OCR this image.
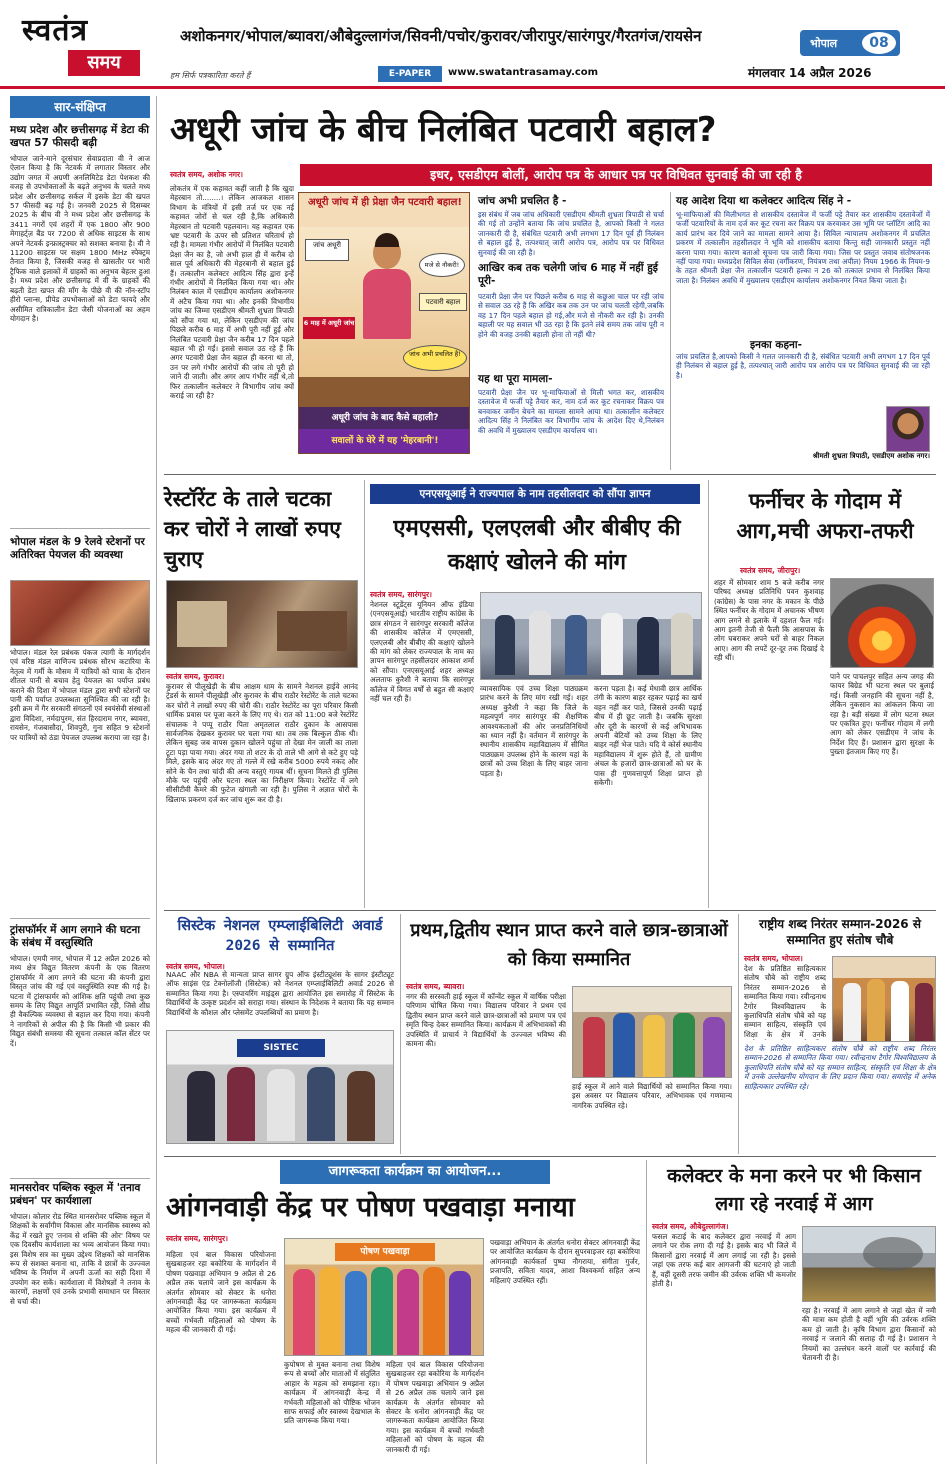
स्वतंत्र
समय
हम सिर्फ पत्रकारिता करते हैं
अशोकनगर/भोपाल/ब्यावरा/औबेदुल्लागंज/सिवनी/पचोर/कुरावर/जीरापुर/सारंगपुर/गैरतगंज/रायसेन	भोपाल	08
E-PAPER	www.swatantrasamay.com	मंगलवार 14 अप्रैल 2026
सार-संक्षिप्त
मध्य प्रदेश और छत्तीसगढ़ में डेटा की खपत 57 फीसदी बढ़ी
भोपाल जाने-माने दूरसंचार सेवाप्रदाता वी ने आज ऐलान किया है कि नेटवर्क में लगातार विस्तार और उद्योग जगत में अग्रणी अनलिमिटेड डेटा पेशकश की वजह से उपभोक्ताओं के बढ़ते अनुभव के चलते मध्य प्रदेश और छत्तीसगढ़ सर्कल में इसके डेटा की खपत 57 फीसदी बढ़ गई है। जनवरी 2025 से दिसम्बर 2025 के बीच वी ने मध्य प्रदेश और छत्तीसगढ़ के 3411 नगरों एवं शहरों में एक 1800 और 900 मेगाहर्ट्ज़ बैंड पर 7200 से अधिक साइटस के साथ अपने नेटवर्क इन्फ्रास्ट्रक्चर को सशक्त बनाया है। वी ने 11200 साइटस पर सक्षम 1800 MHz स्पेक्ट्रम तैनात किया है, जिसकी वजह से खासतौर पर भारी ट्रैफिक वाले इलाकों में ग्राहकों का अनुभव बेहतर हुआ है। मध्य प्रदेश और छत्तीसगढ़ में वी के ग्राहकों की बढ़ती डेटा खपत की माँग के पीछे वी की नॉन-स्टॉप हीरो प्लान्स, प्रीपेड उपभोक्ताओं को डेटा फायदे और असीमित रात्रिकालीन डेटा जैसी योजनाओं का अहम योगदान है।
भोपाल मंडल के 9 रेलवे स्टेशनों पर अतिरिक्त पेयजल की व्यवस्था
भोपाल। मंडल रेल प्रबंधक पंकज त्यागी के मार्गदर्शन एवं वरिष्ठ मंडल वाणिज्य प्रबंधक सौरभ कटारिया के नेतृत्व में गर्मी के मौसम में यात्रियों को यात्रा के दौरान शीतल पानी से बचाव हेतु पेयजल का पर्याप्त प्रबंध कराने की दिशा में भोपाल मंडल द्वारा सभी स्टेशनों पर पानी की पर्याप्त उपलब्धता सुनिश्चित की जा रही है। इसी क्रम में गैर सरकारी संगठनों एवं स्वयंसेवी संस्थाओं द्वारा विदिशा, नर्मदापुरम, संत हिरदाराम नगर, ब्यावरा, रायसेन, गंजबासौदा, शिवपुरी, गुना सहित 9 स्टेशनों पर यात्रियों को ठंडा पेयजल उपलब्ध कराया जा रहा है।
ट्रांसफॉर्मर में आग लगाने की घटना के संबंध में वस्तुस्थिति
भोपाल। एमपी नगर, भोपाल में 12 अप्रैल 2026 को मध्य क्षेत्र विद्युत वितरण कंपनी के एक वितरण ट्रांसफॉर्मर में आग लगने की घटना की कंपनी द्वारा विस्तृत जांच की गई एवं वस्तुस्थिति स्पष्ट की गई है। घटना में ट्रांसफार्मर को आंशिक क्षति पहुंची तथा कुछ समय के लिए विद्युत आपूर्ति प्रभावित रही, जिसे शीघ्र ही वैकल्पिक व्यवस्था से बहाल कर दिया गया। कंपनी ने नागरिकों से अपील की है कि किसी भी प्रकार की विद्युत संबंधी समस्या की सूचना तत्काल कॉल सेंटर पर दें।
मानसरोवर पब्लिक स्कूल में 'तनाव प्रबंधन' पर कार्यशाला
भोपाल। कोलार रोड स्थित मानसरोवर पब्लिक स्कूल में शिक्षकों के सर्वांगीण विकास और मानसिक स्वास्थ्य को केंद्र में रखते हुए 'तनाव से शक्ति की ओर' विषय पर एक दिवसीय कार्यशाला का भव्य आयोजन किया गया। इस विशेष सत्र का मुख्य उद्देश्य शिक्षकों को मानसिक रूप से सशक्त बनाना था, ताकि वे छात्रों के उज्ज्वल भविष्य के निर्माण में अपनी ऊर्जा का सही दिशा में उपयोग कर सकें। कार्यशाला में विशेषज्ञों ने तनाव के कारणों, लक्षणों एवं उनके प्रभावी समाधान पर विस्तार से चर्चा की।
अधूरी जांच के बीच निलंबित पटवारी बहाल?
स्वतंत्र समय, अशोक नगर।	इधर, एसडीएम बोलीं, आरोप पत्र के आधार पत्र पर विधिवत सुनवाई की जा रही है
लोकतंत्र में एक कहावत कहीं जाती है कि खुदा मेहरबान तो........। लेकिन आजकल शासन विभाग के मंत्रियों में इसी तर्ज पर एक नई कहावत जोरों से चल रही है,कि अधिकारी मेहरबान तो पटवारी पहलवान। यह कहावत एक भ्रष्ट पटवारी के ऊपर सौ प्रतिशत चरितार्थ हो रही है। मामला गंभीर आरोपों में निलंबित पटवारी प्रेक्षा जैन का है, जो अभी हाल ही में करीब दो साल पूर्व अधिकारी की मेहरबानी से बहाल हुई हैं। तत्कालीन कलेक्टर आदित्य सिंह द्वारा इन्हें गंभीर आरोपों में निलंबित किया गया था। और निलंबन काल में एसडीएम कार्यालय अशोकनगर में अटैच किया गया था। और इनकी विभागीय जांच का जिम्मा एसडीएम श्रीमती शुभ्रता त्रिपाठी को सौंपा गया था, लेकिन एसडीएम की जांच पिछले करीब 6 माह में अभी पूरी नहीं हुई और निलंबित पटवारी प्रेक्षा जैन करीब 17 दिन पहले बहाल भी हो गईं। इससे सवाल उठ रहे हैं कि अगर पटवारी प्रेक्षा जैन बहाल ही करना था तो, उन पर लगे गंभीर आरोपों की जांच तो पूरी हो जाने दी जाती। और अगर आप गंभीर नहीं थे,तो फिर तत्कालीन कलेक्टर ने विभागीय जांच क्यों कराई जा रही है?
अधूरी जांच में ही प्रेक्षा जैन पटवारी बहाल!
जांच अधूरी
पटवारी बहाल
मजे से नौकरी!
6 माह में अधूरी जांच
जांच अभी प्रचलित है!
अधूरी जांच के बाद कैसे बहाली?
सवालों के घेरे में यह 'मेहरबानी'!
जांच अभी प्रचलित है -
इस संबंध में जब जांच अधिकारी एसडीएम श्रीमती शुभ्रता त्रिपाठी से चर्चा की गई तो उन्होंने बताया कि जांच प्रचलित है, आपको किसी ने गलत जानकारी दी है, संबंधित पटवारी अभी लगभग 17 दिन पूर्व ही निलंबन से बहाल हुई है, तत्पश्चात् जारी आरोप पत्र, आरोप पत्र पर विधिवत सुनवाई की जा रही है।
आखिर कब तक चलेगी जांच 6 माह में नहीं हुई पूरी-
पटवारी प्रेक्षा जैन पर पिछले करीब 6 माह से कछुआ चाल पर रही जांच से सवाल उठ रहे हैं कि अखिर कब तक उन पर जांच चलती रहेगी,जबकि वह 17 दिन पहले बहाल हो गई,और मजे से नौकरी कर रही है। उनकी बहाली पर यह सवाल भी उठ रहा है कि इतने लंबे समय तक जांच पूरी न होने की वजह उनकी बहाली होना तो नहीं थी?
यह था पूरा मामला-
पटवारी प्रेक्षा जैन पर भू-माफियाओं से मिली भगत कर, शासकीय दस्तावेज में फर्जी पट्टे तैयार कर, नाम दर्ज कर कूट रचनाकर विक्रय पत्र बनवाकर जमीन बेचने का मामला सामने आया था। तत्कालीन कलेक्टर आदित्य सिंह ने निलंबित कर विभागीय जांच के आदेश दिए थे,निलंबन की अवधि में मुख्यालय एसडीएम कार्यालय था।
यह आदेश दिया था कलेक्टर आदित्य सिंह ने -
भू-माफियाओं की मिलीभगत से शासकीय दस्तावेज में फर्जी पट्टे तैयार कर शासकीय दस्तावेजों में फर्जी पटवारियों के नाम दर्ज कर कूट रचना कर विक्रय पत्र करवाकर उस भूमि पर प्लॉटिंग आदि का कार्य प्रारंभ कर दिये जाने का मामला सामने आया है। सिविल न्यायालय अशोकनगर में प्रचलित प्रकरण में तत्कालीन तहसीलदार ने भूमि को शासकीय बताया किन्तु सही जानकारी प्रस्तुत नहीं करना पाया गया। कारण बताओ सूचना पत्र जारी किया गया। जिस पर प्रस्तुत जवाब संतोषजनक नहीं पाया गया। मध्यप्रदेश सिविल सेवा (वर्गीकरण, नियंत्रण तथा अपील) नियम 1966 के नियम-9 के तहत श्रीमती प्रेक्षा जैन तत्कालीन पटवारी हल्का न 26 को तत्काल प्रभाव से निलंबित किया जाता है। निलंबन अवधि में मुख्यालय एसडीएम कार्यालय अशोकनगर नियत किया जाता है।
इनका कहना-
जांच प्रचलित है,आपको किसी ने गलत जानकारी दी है, संबंधित पटवारी अभी लगभग 17 दिन पूर्व ही निलंबन से बहाल हुई है, तत्पश्चात् जारी आरोप पत्र आरोप पत्र पर विधिवत सुनवाई की जा रही है।
श्रीमती शुभ्रता त्रिपाठी, एसडीएम अशोक नगर।
रेस्टॉरेंट के ताले चटका कर चोरों ने लाखों रुपए चुराए
स्वतंत्र समय, कुरावर।
कुरावर से पीलूखेड़ी के बीच आक्षम धाम के सामने नेशनल हाईवे आनंद ट्रेडर्स के सामने पीलूखेड़ी और कुरावर के बीच राठौर रेस्टोरेंट के ताले चटका कर चोरों ने लाखों रुपए की चोरी की। राठौर रेस्टोरेंट का पूरा परिवार किसी धार्मिक प्रवास पर पूजा करने के लिए गए थे। रात को 11:00 बजे रेस्टोरेंट संचालक ने पप्पू राठौर पिता अमृतलाल राठौर दुकान के आसपास सार्वजनिक देखकर कुरावर घर चला गया था। तब तक बिल्कुल ठीक थी। लेकिन सुबह जब वापस दुकान खोलने पहुंचा तो देखा मेन जाली का ताला टूटा पड़ा पाया गया। अंदर गया तो शटर के दो ताले भी आगे से कटे हुए पड़े मिले, इसके बाद अंदर गए तो गल्ले में रखे करीब 5000 रुपये नकद और सोने के चैन तथा चांदी की अन्य वस्तुएं गायब थीं। सूचना मिलते ही पुलिस मौके पर पहुंची और घटना स्थल का निरीक्षण किया। रेस्टोरेंट में लगे सीसीटीवी कैमरे की फुटेज खंगाली जा रही है। पुलिस ने अज्ञात चोरों के खिलाफ प्रकरण दर्ज कर जांच शुरू कर दी है।
एनएसयूआई ने राज्यपाल के नाम तहसीलदार को सौंपा ज्ञापन
एमएससी, एलएलबी और बीबीए की कक्षाएं खोलने की मांग
स्वतंत्र समय, सारंगपुर।
नेशनल स्टूडेंट्स यूनियन ऑफ इंडिया (एनएसयूआई) भारतीय राष्ट्रीय कांग्रेस के छात्र संगठन ने सारंगपुर सरकारी कॉलेज की शासकीय कॉलेज में एमएससी, एलएलबी और बीबीए की कक्षाएं खोलने की मांग को लेकर राज्यपाल के नाम का ज्ञापन सारंगपुर तहसीलदार आकाश शर्मा को सौंपा। एनएसयूआई शहर अध्यक्ष अलताफ कुरैशी ने बताया कि सारंगपुर कॉलेज में विगत वर्षों से बहुत सी कक्षाएं नहीं चल रही हैं।
व्यावसायिक एवं उच्च शिक्षा पाठ्यक्रम प्रारंभ करने के लिए मांग रखी गई। शहर अध्यक्ष कुरैशी ने कहा कि जिले के महत्वपूर्ण नगर सारंगपुर की शैक्षणिक आवश्यकताओं की ओर जनप्रतिनिधियों का ध्यान नहीं है। वर्तमान में सारंगपुर के स्थानीय शासकीय महाविद्यालय में सीमित पाठ्यक्रम उपलब्ध होने के कारण यहां के छात्रों को उच्च शिक्षा के लिए बाहर जाना पड़ता है।
करना पड़ता है। कई मेधावी छात्र आर्थिक तंगी के कारण बाहर रहकर पढ़ाई का खर्च वहन नहीं कर पाते, जिससे उनकी पढ़ाई बीच में ही छूट जाती है। जबकि सुरक्षा और दूरी के कारणों से कई अभिभावक अपनी बेटियों को उच्च शिक्षा के लिए बाहर नहीं भेज पाते। यदि ये कोर्स स्थानीय महाविद्यालय में शुरू होते हैं, तो ग्रामीण अंचल के हजारों छात्र-छात्राओं को घर के पास ही गुणवत्तापूर्ण शिक्षा प्राप्त हो सकेगी।
फर्नीचर के गोदाम में आग,मची अफरा-तफरी
स्वतंत्र समय, जीरापुर।
शहर में सोमवार शाम 5 बजे करीब नगर परिषद अध्यक्ष प्रतिनिधि पवन कुशवाह (कांग्रेस) के पास नगर के मकान के पीछे स्थित फर्नीचर के गोदाम में अचानक भीषण आग लगने से इलाके में दहशत फैल गई। आग इतनी तेजी से फैली कि आसपास के लोग घबराकर अपने घरों से बाहर निकल आए। आग की लपटें दूर-दूर तक दिखाई दे रही थीं।
पाने पर पाचलपुर सहित अन्य जगह की फायर बिग्रेड भी घटना स्थल पर बुलाई गई। किसी जनहानि की सूचना नहीं है, लेकिन नुकसान का आंकलन किया जा रहा है। बड़ी संख्या में लोग घटना स्थल पर एकत्रित हुए। फर्नीचर गोदाम में लगी आग को लेकर एसडीएम ने जांच के निर्देश दिए हैं। प्रशासन द्वारा सुरक्षा के पुख्ता इंतजाम किए गए हैं।
सिस्टेक नेशनल एम्प्लाईबिलिटी अवार्ड 2026 से सम्मानित
स्वतंत्र समय, भोपाल।
NAAC और NBA से मान्यता प्राप्त सागर ग्रुप ऑफ इंस्टीट्यूशंस के सागर इंस्टीट्यूट ऑफ साइंस एंड टेक्नोलॉजी (सिस्टेक) को नेशनल एम्प्लाईबिलिटी अवार्ड 2026 से सम्मानित किया गया है। एस्पायरिंग माइंड्स द्वारा आयोजित इस समारोह में सिस्टेक के विद्यार्थियों के उत्कृष्ट प्रदर्शन को सराहा गया। संस्थान के निदेशक ने बताया कि यह सम्मान विद्यार्थियों के कौशल और प्लेसमेंट उपलब्धियों का प्रमाण है।
SISTEC
प्रथम,द्वितीय स्थान प्राप्त करने वाले छात्र-छात्राओं को किया सम्मानित
स्वतंत्र समय, ब्यावरा।
नगर की सरस्वती हाई स्कूल में कॉन्वेंट स्कूल में वार्षिक परीक्षा परिणाम घोषित किया गया। विद्यालय परिवार ने प्रथम एवं द्वितीय स्थान प्राप्त करने वाले छात्र-छात्राओं को प्रमाण पत्र एवं स्मृति चिन्ह देकर सम्मानित किया। कार्यक्रम में अभिभावकों की उपस्थिति में प्राचार्य ने विद्यार्थियों के उज्ज्वल भविष्य की कामना की।
हाई स्कूल में आने वाले विद्यार्थियों को सम्मानित किया गया। इस अवसर पर विद्यालय परिवार, अभिभावक एवं गणमान्य नागरिक उपस्थित रहे।
राष्ट्रीय शब्द निरंतर सम्मान-2026 से सम्मानित हुए संतोष चौबे
स्वतंत्र समय, भोपाल।
देश के प्रतिष्ठित साहित्यकार संतोष चौबे को राष्ट्रीय शब्द निरंतर सम्मान-2026 से सम्मानित किया गया। रवीन्द्रनाथ टैगोर विश्वविद्यालय के कुलाधिपति संतोष चौबे को यह सम्मान साहित्य, संस्कृति एवं शिक्षा के क्षेत्र में उनके
देश के प्रतिष्ठित साहित्यकार संतोष चौबे को राष्ट्रीय शब्द निरंतर सम्मान-2026 से सम्मानित किया गया। रवीन्द्रनाथ टैगोर विश्वविद्यालय के कुलाधिपति संतोष चौबे को यह सम्मान साहित्य, संस्कृति एवं शिक्षा के क्षेत्र में उनके उल्लेखनीय योगदान के लिए प्रदान किया गया। समारोह में अनेक साहित्यकार उपस्थित रहे।
जागरूकता कार्यक्रम का आयोजन...
आंगनवाड़ी केंद्र पर पोषण पखवाड़ा मनाया
स्वतंत्र समय, सारंगपुर।
महिला एवं बाल विकास परियोजना सुखबाहजर रहा बकोरिया के मार्गदर्शन में पोषण पखवाड़ा अभियान 9 अप्रैल से 26 अप्रैल तक चलाये जाने इस कार्यक्रम के अंतर्गत सोमवार को सेक्टर के धनोरा आंगनवाड़ी केंद्र पर जागरूकता कार्यक्रम आयोजित किया गया। इस कार्यक्रम में बच्चों गर्भवती महिलाओं को पोषण के महत्व की जानकारी दी गई।
पोषण पखवाड़ा
कुपोषण से मुक्त बनाना तथा विशेष रूप से बच्चों और माताओं में संतुलित आहार के महत्व को समझाना रहा। कार्यक्रम में आंगनवाड़ी केन्द्र में गर्भवती महिलाओं को पौष्टिक भोजन साफ सफाई और स्वास्थ्य देखभाल के प्रति जागरूक किया गया।
महिला एवं बाल विकास परियोजना सुखबाहजर रहा बकोरिया के मार्गदर्शन में पोषण पखवाड़ा अभियान 9 अप्रैल से 26 अप्रैल तक चलाये जाने इस कार्यक्रम के अंतर्गत सोमवार को सेक्टर के धनोरा आंगनवाड़ी केंद्र पर जागरूकता कार्यक्रम आयोजित किया गया। इस कार्यक्रम में बच्चों गर्भवती महिलाओं को पोषण के महत्व की जानकारी दी गई।
पखवाड़ा अभियान के अंतर्गत धनोरा सेक्टर आंगनवाड़ी केंद्र पर आयोजित कार्यक्रम के दौरान सुपरवाइजर रहा बकोरिया आंगनवाड़ी कार्यकर्ता पुष्पा नौगराया, संगीता गुर्जर, प्रजापति, सविता यादव, आशा विश्वकर्मा सहित अन्य महिलाएं उपस्थित रहीं।
कलेक्टर के मना करने पर भी किसान लगा रहे नरवाई में आग
स्वतंत्र समय, औबेदुल्लागंज।
फसल कटाई के बाद कलेक्टर द्वारा नरवाई में आग लगाने पर रोक लगा दी गई है। इसके बाद भी जिले में किसानों द्वारा नरवाई में आग लगाई जा रही है। इससे जहां एक तरफ कई बार आगजनी की घटनाएं हो जाती हैं, वहीं दूसरी तरफ जमीन की उर्वरक शक्ति भी कमजोर होती है।
रहा है। नरवाई में आग लगाने से जहां खेत में नमी की मात्रा कम होती है वहीं भूमि की उर्वरक शक्ति कम हो जाती है। कृषि विभाग द्वारा किसानों को नरवाई न जलाने की सलाह दी गई है। प्रशासन ने नियमों का उल्लंघन करने वालों पर कार्रवाई की चेतावनी दी है।
